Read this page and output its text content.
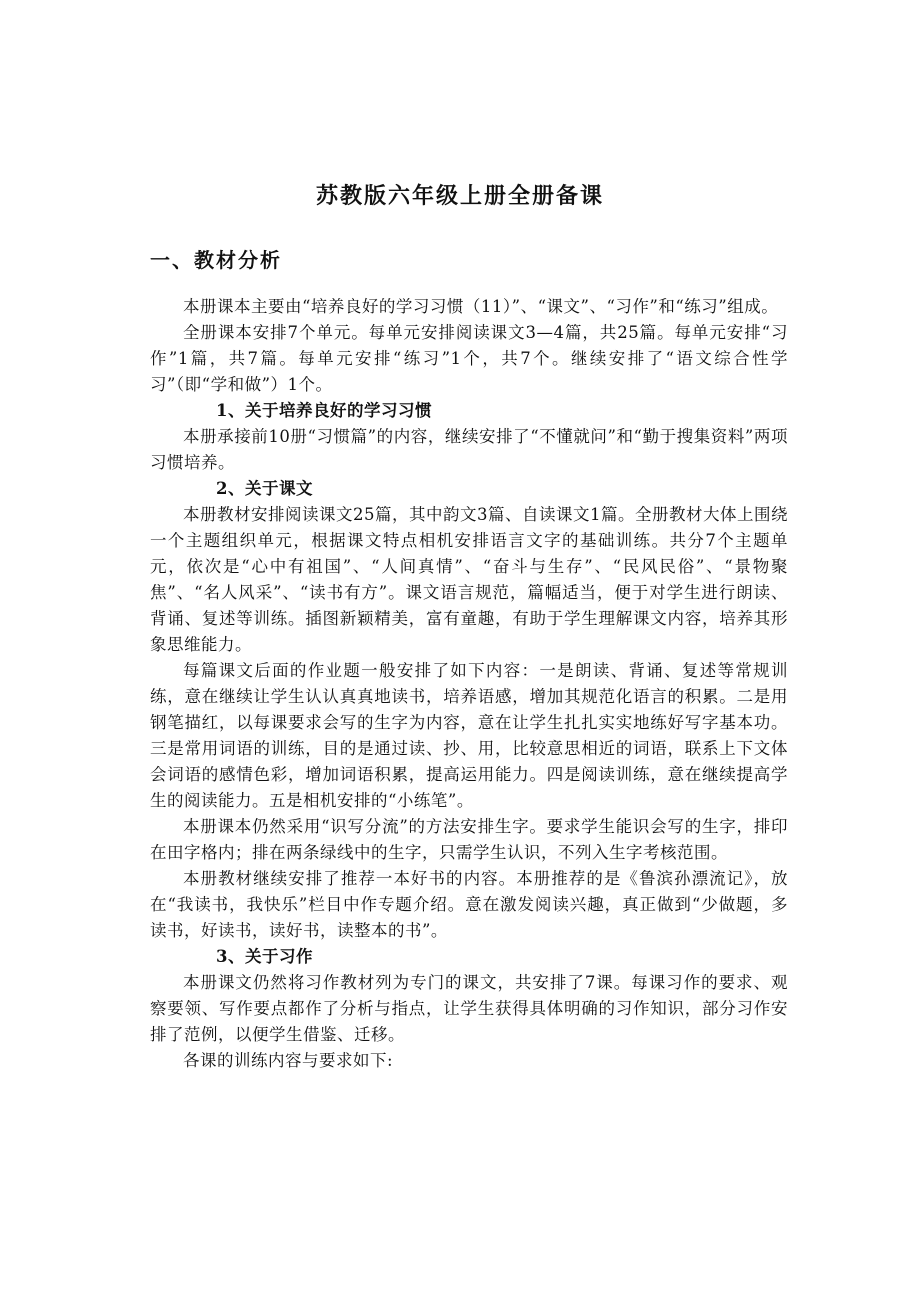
苏教版六年级上册全册备课
一、教材分析

本册课本主要由“培养良好的学习习惯（11）”、“课文”、“习作”和“练习”组成。

全册课本安排7个单元。每单元安排阅读课文3—4篇，共25篇。每单元安排“习作”1篇，共7篇。每单元安排“练习”1个，共7个。继续安排了“语文综合性学习”（即“学和做”）1个。

1、关于培养良好的学习习惯

本册承接前10册“习惯篇”的内容，继续安排了“不懂就问”和“勤于搜集资料”两项习惯培养。

2、关于课文

本册教材安排阅读课文25篇，其中韵文3篇、自读课文1篇。全册教材大体上围绕一个主题组织单元，根据课文特点相机安排语言文字的基础训练。共分7个主题单元，依次是“心中有祖国”、“人间真情”、“奋斗与生存”、“民风民俗”、“景物聚焦”、“名人风采”、“读书有方”。课文语言规范，篇幅适当，便于对学生进行朗读、背诵、复述等训练。插图新颖精美，富有童趣，有助于学生理解课文内容，培养其形象思维能力。

每篇课文后面的作业题一般安排了如下内容：一是朗读、背诵、复述等常规训练，意在继续让学生认认真真地读书，培养语感，增加其规范化语言的积累。二是用钢笔描红，以每课要求会写的生字为内容，意在让学生扎扎实实地练好写字基本功。三是常用词语的训练，目的是通过读、抄、用，比较意思相近的词语，联系上下文体会词语的感情色彩，增加词语积累，提高运用能力。四是阅读训练，意在继续提高学生的阅读能力。五是相机安排的“小练笔”。

本册课本仍然采用“识写分流”的方法安排生字。要求学生能识会写的生字，排印在田字格内；排在两条绿线中的生字，只需学生认识，不列入生字考核范围。

本册教材继续安排了推荐一本好书的内容。本册推荐的是《鲁滨孙漂流记》，放在“我读书，我快乐”栏目中作专题介绍。意在激发阅读兴趣，真正做到“少做题，多读书，好读书，读好书，读整本的书”。

3、关于习作

本册课文仍然将习作教材列为专门的课文，共安排了7课。每课习作的要求、观察要领、写作要点都作了分析与指点，让学生获得具体明确的习作知识，部分习作安排了范例，以便学生借鉴、迁移。

各课的训练内容与要求如下:
